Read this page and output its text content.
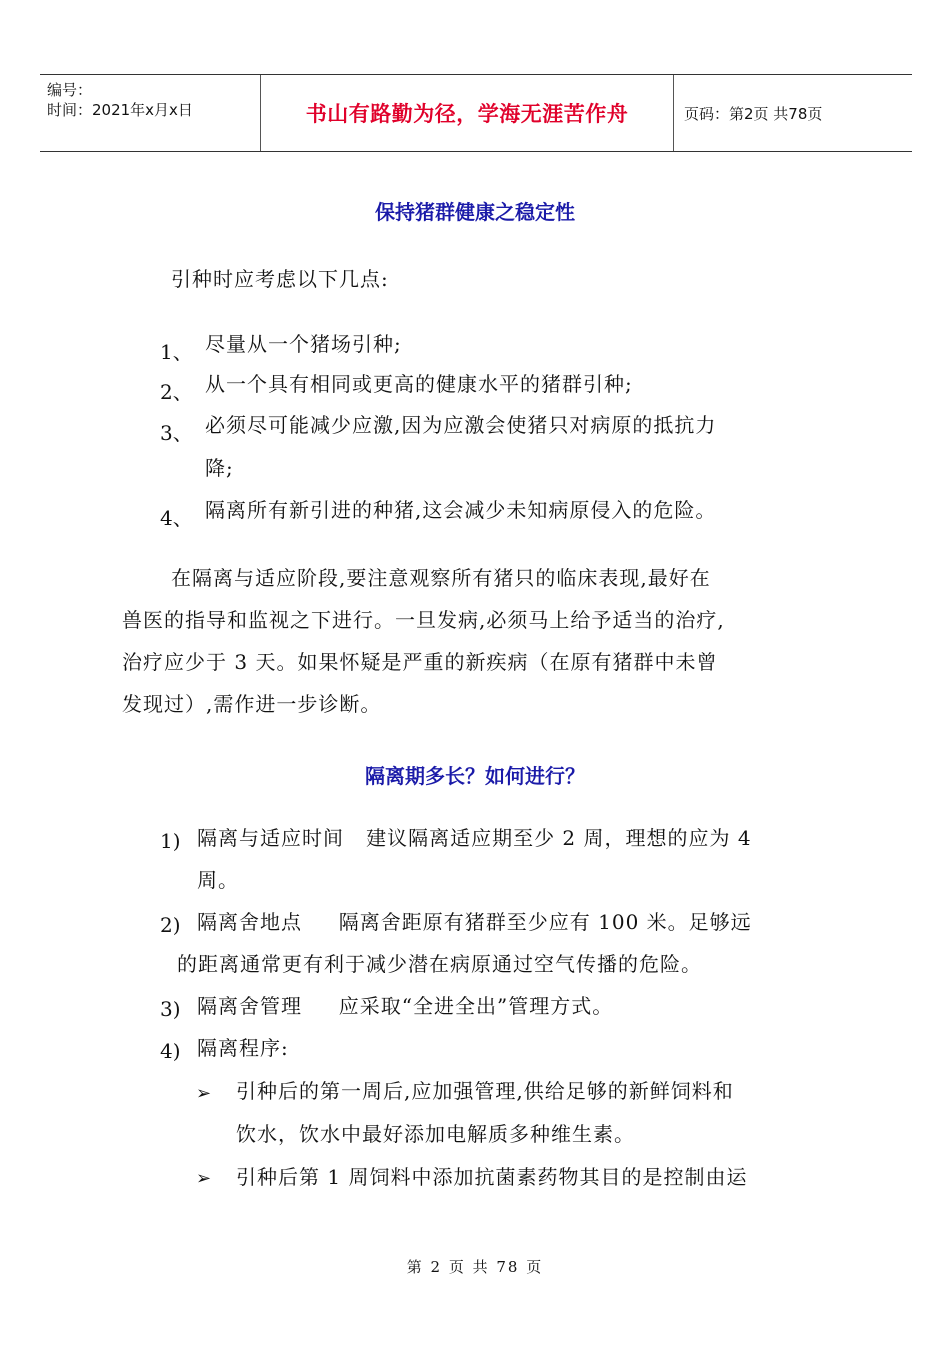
编号：
时间：2021年x月x日	书山有路勤为径，学海无涯苦作舟	页码：第2页 共78页
保持猪群健康之稳定性
引种时应考虑以下几点:
1、 尽量从一个猪场引种;
2、 从一个具有相同或更高的健康水平的猪群引种;
3、 必须尽可能减少应激,因为应激会使猪只对病原的抵抗力
降;
4、 隔离所有新引进的种猪,这会减少未知病原侵入的危险。
在隔离与适应阶段,要注意观察所有猪只的临床表现,最好在
兽医的指导和监视之下进行。一旦发病,必须马上给予适当的治疗,
治疗应少于 3 天。如果怀疑是严重的新疾病（在原有猪群中未曾
发现过）,需作进一步诊断。
隔离期多长？如何进行？
1) 隔离与适应时间   建议隔离适应期至少 2 周，理想的应为 4
周。
2) 隔离舍地点     隔离舍距原有猪群至少应有 100 米。足够远
的距离通常更有利于减少潜在病原通过空气传播的危险。
3) 隔离舍管理     应采取“全进全出”管理方式。
4) 隔离程序:
➢ 引种后的第一周后,应加强管理,供给足够的新鲜饲料和
饮水，饮水中最好添加电解质多种维生素。
➢ 引种后第 1 周饲料中添加抗菌素药物其目的是控制由运
第 2 页 共 78 页
